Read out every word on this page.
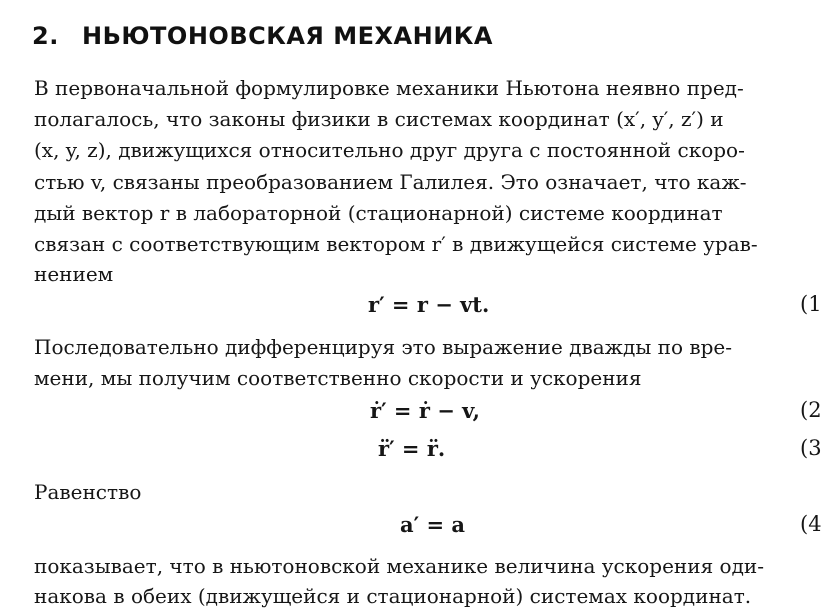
2. НЬЮТОНОВСКАЯ МЕХАНИКА
В первоначальной формулировке механики Ньютона неявно пред-
полагалось, что законы физики в системах координат (x′, y′, z′) и
(x, y, z), движущихся относительно друг друга с постоянной скоро-
стью v, связаны преобразованием Галилея. Это означает, что каж-
дый вектор r в лабораторной (стационарной) системе координат
связан с соответствующим вектором r′ в движущейся системе урав-
нением
r′ = r − vt.	(1
Последовательно дифференцируя это выражение дважды по вре-
мени, мы получим соответственно скорости и ускорения
ṙ′ = ṙ − v,	(2
r̈′ = r̈.	(3
Равенство
a′ = a	(4
показывает, что в ньютоновской механике величина ускорения оди-
накова в обеих (движущейся и стационарной) системах координат.
